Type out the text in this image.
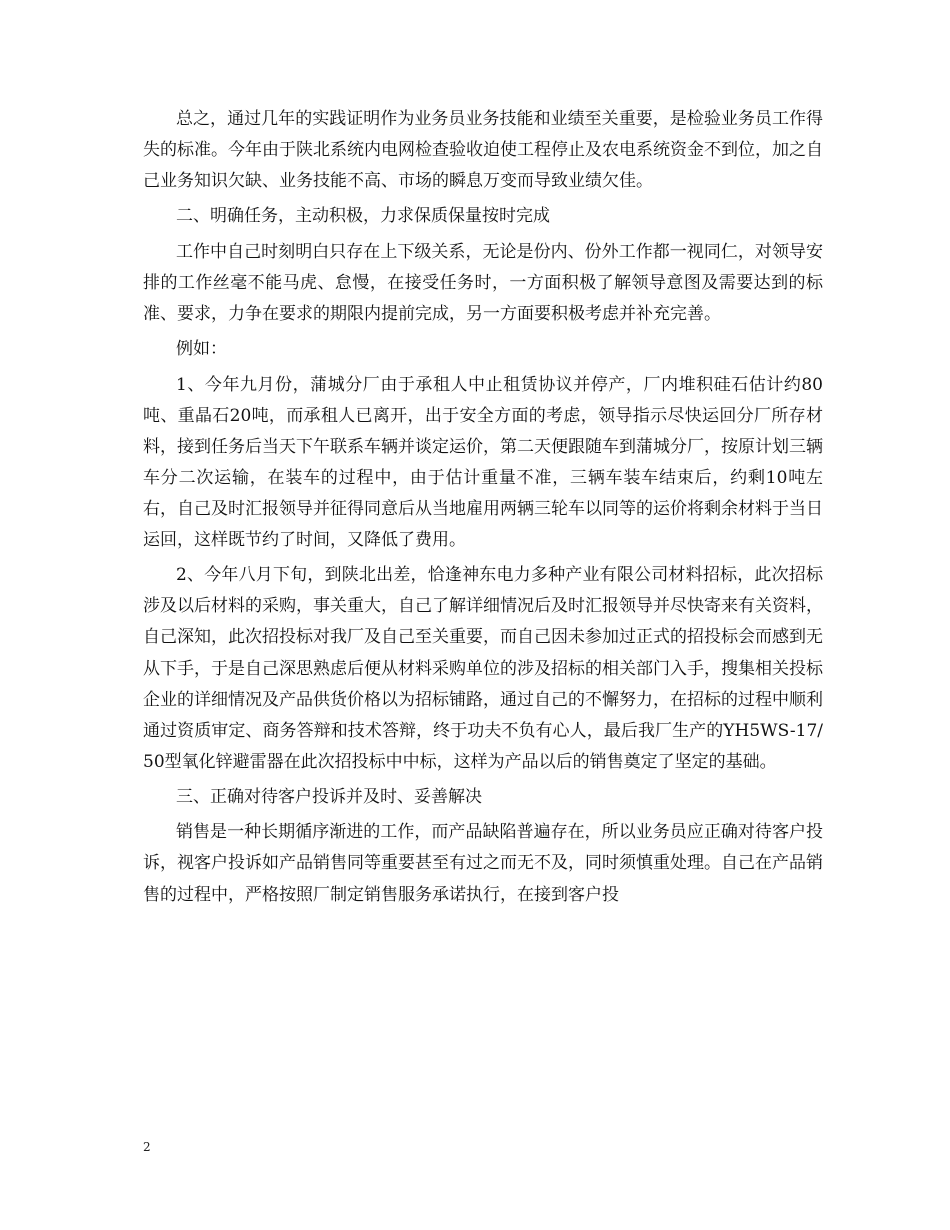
总之，通过几年的实践证明作为业务员业务技能和业绩至关重要，是检验业务员工作得失的标准。今年由于陕北系统内电网检查验收迫使工程停止及农电系统资金不到位，加之自己业务知识欠缺、业务技能不高、市场的瞬息万变而导致业绩欠佳。

二、明确任务，主动积极，力求保质保量按时完成

工作中自己时刻明白只存在上下级关系，无论是份内、份外工作都一视同仁，对领导安排的工作丝毫不能马虎、怠慢，在接受任务时，一方面积极了解领导意图及需要达到的标准、要求，力争在要求的期限内提前完成，另一方面要积极考虑并补充完善。

例如：

1、今年九月份，蒲城分厂由于承租人中止租赁协议并停产，厂内堆积硅石估计约80吨、重晶石20吨，而承租人已离开，出于安全方面的考虑，领导指示尽快运回分厂所存材料，接到任务后当天下午联系车辆并谈定运价，第二天便跟随车到蒲城分厂，按原计划三辆车分二次运输，在装车的过程中，由于估计重量不准，三辆车装车结束后，约剩10吨左右，自己及时汇报领导并征得同意后从当地雇用两辆三轮车以同等的运价将剩余材料于当日运回，这样既节约了时间，又降低了费用。

2、今年八月下旬，到陕北出差，恰逢神东电力多种产业有限公司材料招标，此次招标涉及以后材料的采购，事关重大，自己了解详细情况后及时汇报领导并尽快寄来有关资料，自己深知，此次招投标对我厂及自己至关重要，而自己因未参加过正式的招投标会而感到无从下手，于是自己深思熟虑后便从材料采购单位的涉及招标的相关部门入手，搜集相关投标企业的详细情况及产品供货价格以为招标铺路，通过自己的不懈努力，在招标的过程中顺利通过资质审定、商务答辩和技术答辩，终于功夫不负有心人，最后我厂生产的YH5WS-17/50型氧化锌避雷器在此次招投标中中标，这样为产品以后的销售奠定了坚定的基础。

三、正确对待客户投诉并及时、妥善解决

销售是一种长期循序渐进的工作，而产品缺陷普遍存在，所以业务员应正确对待客户投诉，视客户投诉如产品销售同等重要甚至有过之而无不及，同时须慎重处理。自己在产品销售的过程中，严格按照厂制定销售服务承诺执行，在接到客户投

2
